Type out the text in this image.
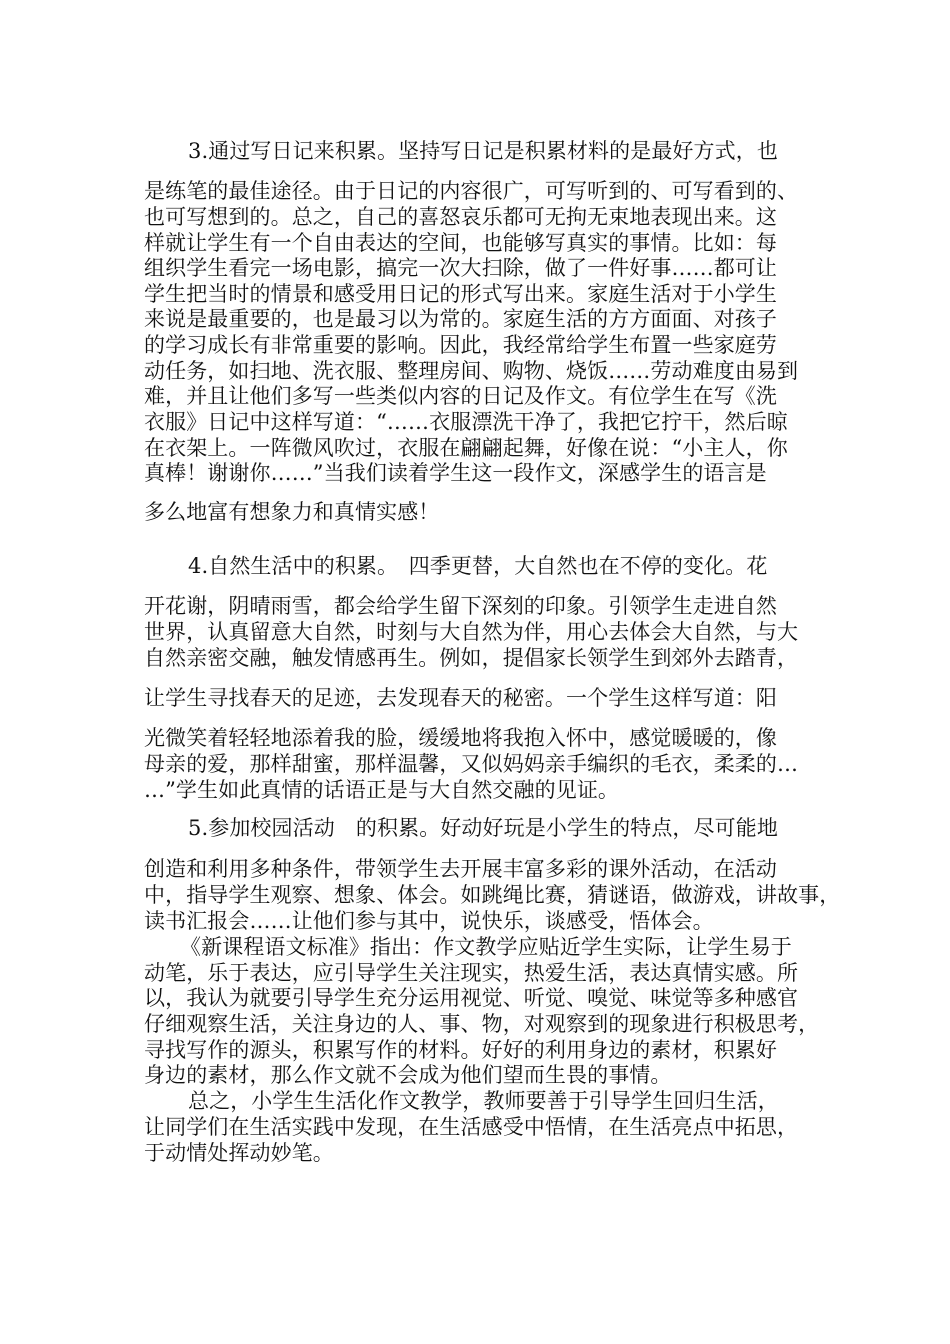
3.通过写日记来积累。坚持写日记是积累材料的是最好方式，也
是练笔的最佳途径。由于日记的内容很广，可写听到的、可写看到的、
也可写想到的。总之，自己的喜怒哀乐都可无拘无束地表现出来。这
样就让学生有一个自由表达的空间，也能够写真实的事情。比如：每
组织学生看完一场电影，搞完一次大扫除，做了一件好事……都可让
学生把当时的情景和感受用日记的形式写出来。家庭生活对于小学生
来说是最重要的，也是最习以为常的。家庭生活的方方面面、对孩子
的学习成长有非常重要的影响。因此，我经常给学生布置一些家庭劳
动任务，如扫地、洗衣服、整理房间、购物、烧饭……劳动难度由易到
难，并且让他们多写一些类似内容的日记及作文。有位学生在写《洗
衣服》日记中这样写道：“……衣服漂洗干净了，我把它拧干，然后晾
在衣架上。一阵微风吹过，衣服在翩翩起舞，好像在说：“小主人，你
真棒！谢谢你……”当我们读着学生这一段作文，深感学生的语言是
多么地富有想象力和真情实感！
4.自然生活中的积累。　四季更替，大自然也在不停的变化。花
开花谢，阴晴雨雪，都会给学生留下深刻的印象。引领学生走进自然
世界，认真留意大自然，时刻与大自然为伴，用心去体会大自然，与大
自然亲密交融，触发情感再生。例如，提倡家长领学生到郊外去踏青，
让学生寻找春天的足迹，去发现春天的秘密。一个学生这样写道：阳
光微笑着轻轻地添着我的脸，缓缓地将我抱入怀中，感觉暖暖的，像
母亲的爱，那样甜蜜，那样温馨，又似妈妈亲手编织的毛衣，柔柔的…
…”学生如此真情的话语正是与大自然交融的见证。
5.参加校园活动　的积累。好动好玩是小学生的特点，尽可能地
创造和利用多种条件，带领学生去开展丰富多彩的课外活动，在活动
中，指导学生观察、想象、体会。如跳绳比赛，猜谜语，做游戏，讲故事，
读书汇报会……让他们参与其中，说快乐，谈感受，悟体会。
《新课程语文标准》指出：作文教学应贴近学生实际，让学生易于
动笔，乐于表达，应引导学生关注现实，热爱生活，表达真情实感。所
以，我认为就要引导学生充分运用视觉、听觉、嗅觉、味觉等多种感官
仔细观察生活，关注身边的人、事、物，对观察到的现象进行积极思考，
寻找写作的源头，积累写作的材料。好好的利用身边的素材，积累好
身边的素材，那么作文就不会成为他们望而生畏的事情。
总之，小学生生活化作文教学，教师要善于引导学生回归生活，
让同学们在生活实践中发现，在生活感受中悟情，在生活亮点中拓思，
于动情处挥动妙笔。
